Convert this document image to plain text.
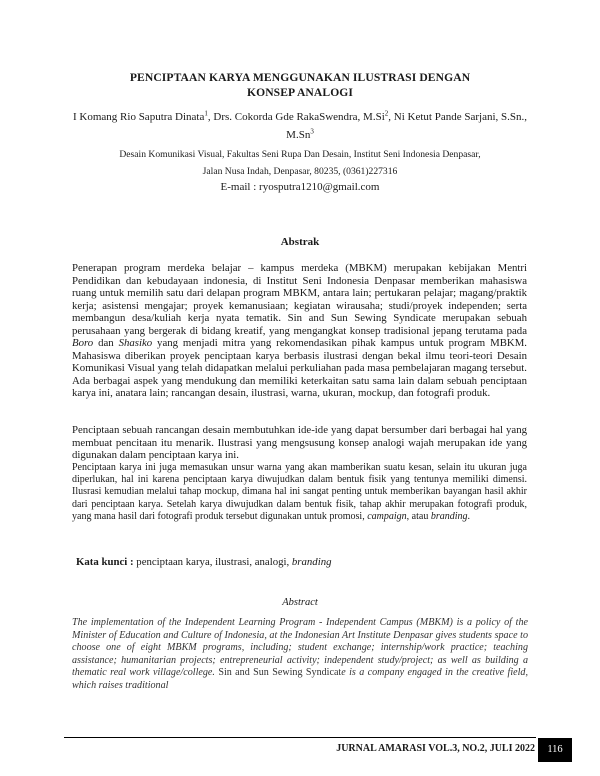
PENCIPTAAN KARYA MENGGUNAKAN ILUSTRASI DENGAN
KONSEP ANALOGI
I Komang Rio Saputra Dinata$^1$, Drs. Cokorda Gde RakaSwendra, M.Si$^2$, Ni Ketut Pande Sarjani, S.Sn., M.Sn$^3$
Desain Komunikasi Visual, Fakultas Seni Rupa Dan Desain, Institut Seni Indonesia Denpasar,
Jalan Nusa Indah, Denpasar, 80235, (0361)227316
E-mail : ryosputra1210@gmail.com
Abstrak
Penerapan program merdeka belajar – kampus merdeka (MBKM) merupakan kebijakan Mentri Pendidikan dan kebudayaan indonesia, di Institut Seni Indonesia Denpasar memberikan mahasiswa ruang untuk memilih satu dari delapan program MBKM, antara lain; pertukaran pelajar; magang/praktik kerja; asistensi mengajar; proyek kemanusiaan; kegiatan wirausaha; studi/proyek independen; serta membangun desa/kuliah kerja nyata tematik. Sin and Sun Sewing Syndicate merupakan sebuah perusahaan yang bergerak di bidang kreatif, yang mengangkat konsep tradisional jepang terutama pada Boro dan Shasiko yang menjadi mitra yang rekomendasikan pihak kampus untuk program MBKM. Mahasiswa diberikan proyek penciptaan karya berbasis ilustrasi dengan bekal ilmu teori-teori Desain Komunikasi Visual yang telah didapatkan melalui perkuliahan pada masa pembelajaran magang tersebut. Ada berbagai aspek yang mendukung dan memiliki keterkaitan satu sama lain dalam sebuah penciptaan karya ini, anatara lain; rancangan desain, ilustrasi, warna, ukuran, mockup, dan fotografi produk.
Penciptaan sebuah rancangan desain membutuhkan ide-ide yang dapat bersumber dari berbagai hal yang membuat pencitaan itu menarik. Ilustrasi yang mengsusung konsep analogi wajah merupakan ide yang digunakan dalam penciptaan karya ini.
Penciptaan karya ini juga memasukan unsur warna yang akan mamberikan suatu kesan, selain itu ukuran juga diperlukan, hal ini karena penciptaan karya diwujudkan dalam bentuk fisik yang tentunya memiliki dimensi. Ilusrasi kemudian melalui tahap mockup, dimana hal ini sangat penting untuk memberikan bayangan hasil akhir dari penciptaan karya. Setelah karya diwujudkan dalam bentuk fisik, tahap akhir merupakan fotografi produk, yang mana hasil dari fotografi produk tersebut digunakan untuk promosi, campaign, atau branding.
Kata kunci : penciptaan karya, ilustrasi, analogi, branding
Abstract
The implementation of the Independent Learning Program - Independent Campus (MBKM) is a policy of the Minister of Education and Culture of Indonesia, at the Indonesian Art Institute Denpasar gives students space to choose one of eight MBKM programs, including; student exchange; internship/work practice; teaching assistance; humanitarian projects; entrepreneurial activity; independent study/project; as well as building a thematic real work village/college. Sin and Sun Sewing Syndicate is a company engaged in the creative field, which raises traditional
JURNAL AMARASI VOL.3, NO.2, JULI 2022	116
